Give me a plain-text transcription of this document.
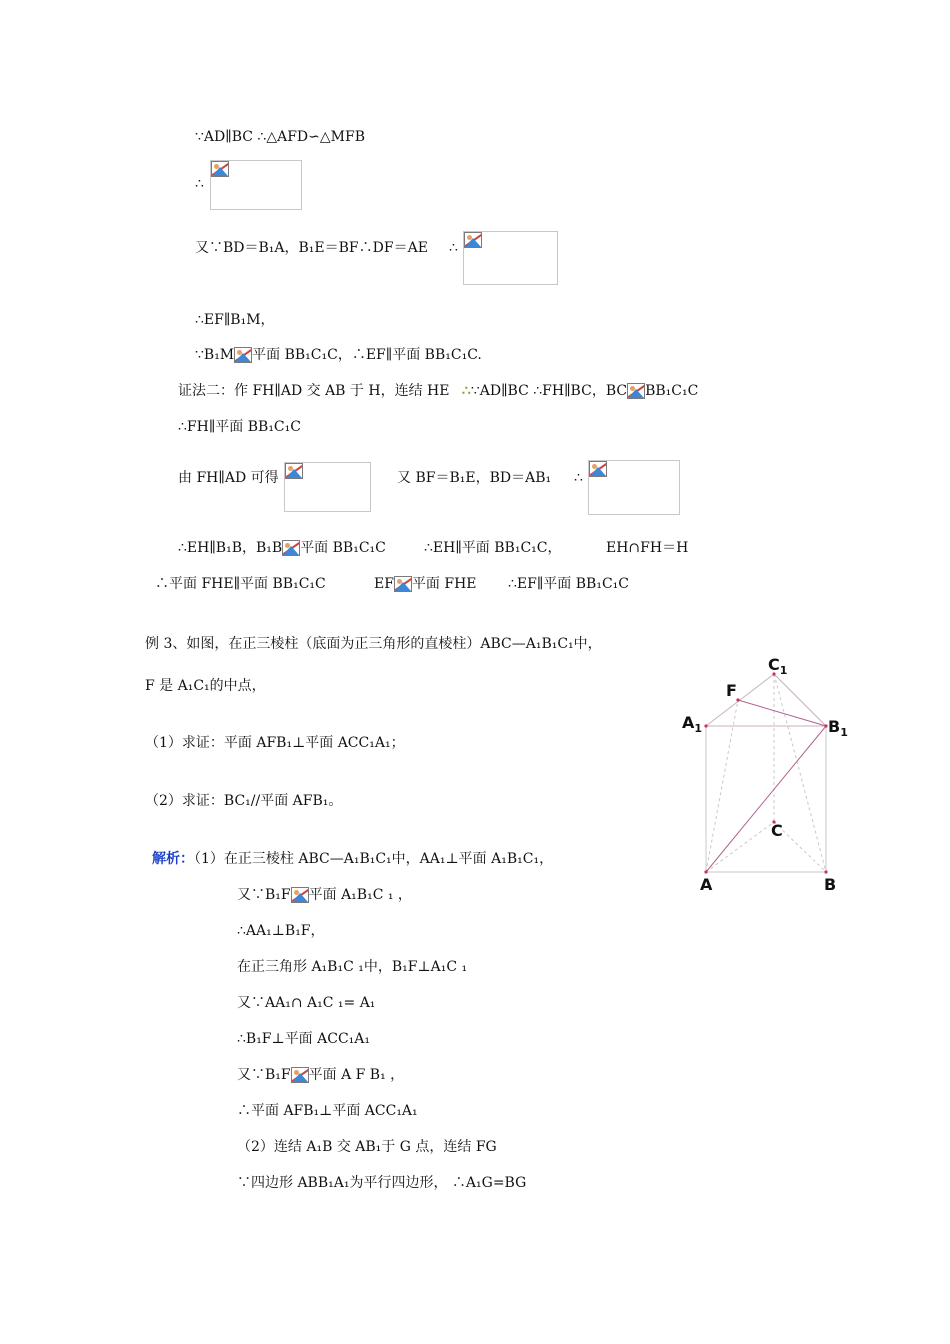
∵AD∥BC ∴△AFD∽△MFB
∴
又∵BD＝B₁A，B₁E＝BF∴DF＝AE ∴
∴EF∥B₁M，
∵B₁M 平面 BB₁C₁C，∴EF∥平面 BB₁C₁C.
证法二：作 FH∥AD 交 AB 于 H，连结 HE ∴∵AD∥BC ∴FH∥BC，BC BB₁C₁C
∴FH∥平面 BB₁C₁C
由 FH∥AD 可得	又 BF＝B₁E，BD＝AB₁ ∴
∴EH∥B₁B，B₁B 平面 BB₁C₁C	∴EH∥平面 BB₁C₁C，	EH∩FH＝H
∴平面 FHE∥平面 BB₁C₁C	EF 平面 FHE ∴EF∥平面 BB₁C₁C
例 3、如图，在正三棱柱（底面为正三角形的直棱柱）ABC—A₁B₁C₁中，
F 是 A₁C₁的中点，
（1）求证：平面 AFB₁⊥平面 ACC₁A₁；
（2）求证：BC₁//平面 AFB₁。
解析：（1）在正三棱柱 ABC—A₁B₁C₁中，AA₁⊥平面 A₁B₁C₁，
又∵B₁F 平面 A₁B₁C ₁ ，
∴AA₁⊥B₁F，
在正三角形 A₁B₁C ₁中，B₁F⊥A₁C ₁
又∵AA₁∩ A₁C ₁= A₁
∴B₁F⊥平面 ACC₁A₁
又∵B₁F 平面 A F B₁ ，
∴平面 AFB₁⊥平面 ACC₁A₁
（2）连结 A₁B 交 AB₁于 G 点，连结 FG
∵四边形 ABB₁A₁为平行四边形， ∴A₁G=BG
$C_1$
F
$A_1$	$B_1$
C
A	B
